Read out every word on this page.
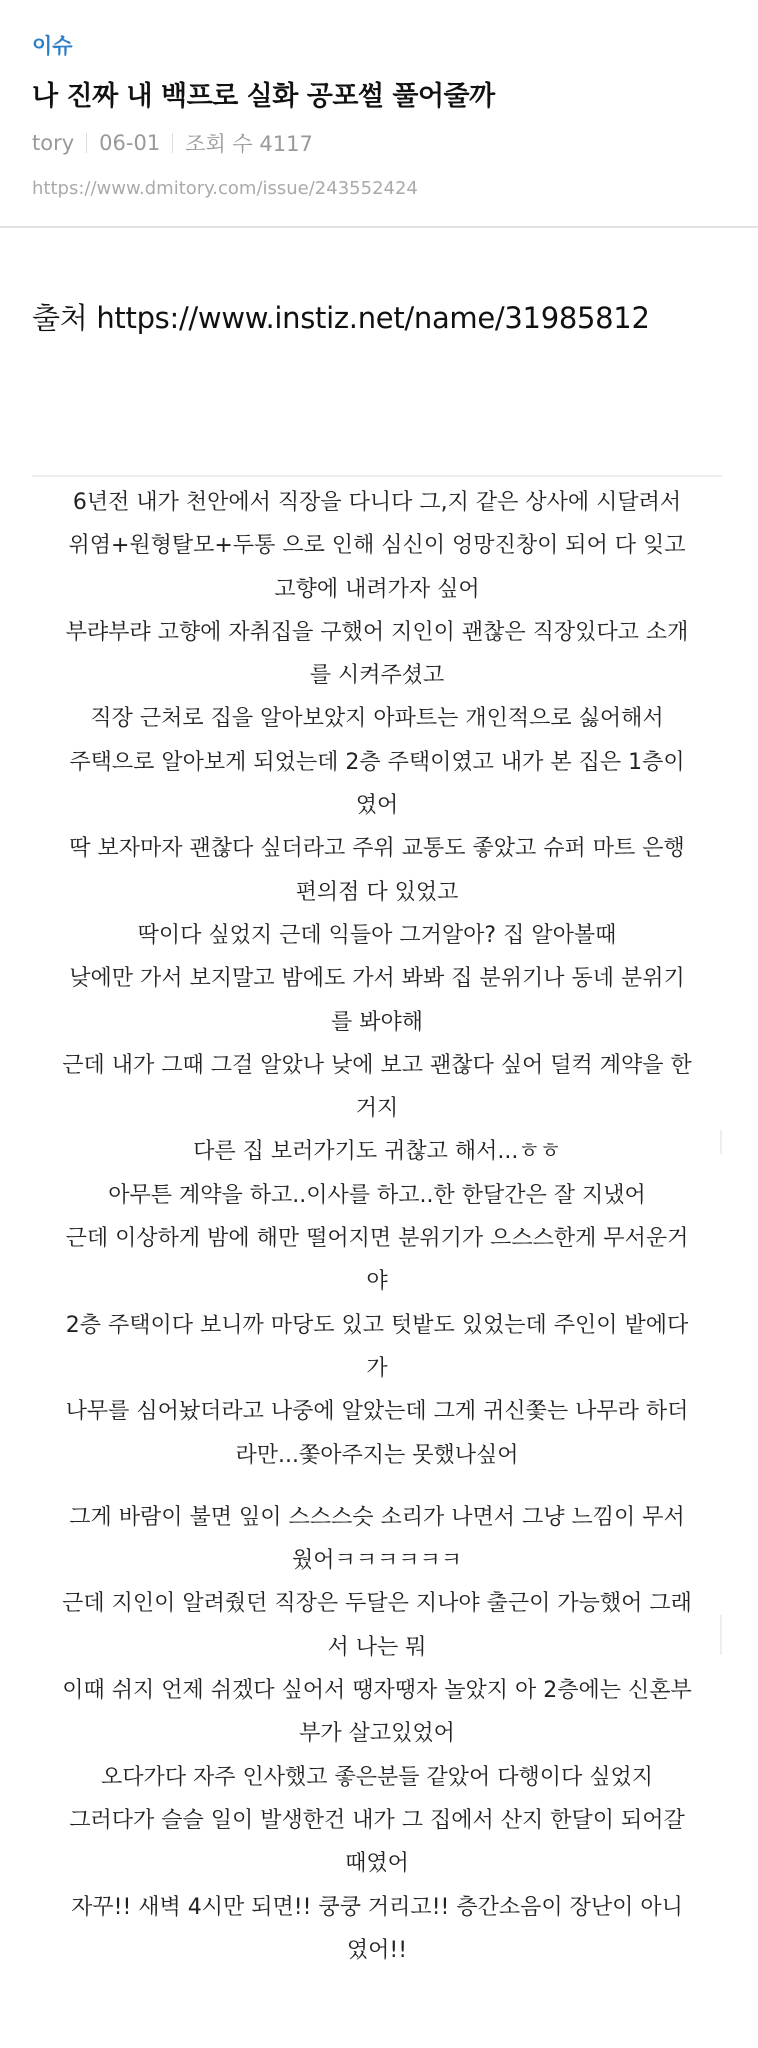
이슈
나 진짜 내 백프로 실화 공포썰 풀어줄까
tory 06-01 조회 수 4117
https://www.dmitory.com/issue/243552424
출처 https://www.instiz.net/name/31985812
6년전 내가 천안에서 직장을 다니다 그,지 같은 상사에 시달려서
위염+원형탈모+두통 으로 인해 심신이 엉망진창이 되어 다 잊고
고향에 내려가자 싶어
부랴부랴 고향에 자취집을 구했어 지인이 괜찮은 직장있다고 소개
를 시켜주셨고
직장 근처로 집을 알아보았지 아파트는 개인적으로 싫어해서
주택으로 알아보게 되었는데 2층 주택이였고 내가 본 집은 1층이
였어
딱 보자마자 괜찮다 싶더라고 주위 교통도 좋았고 슈퍼 마트 은행
편의점 다 있었고
딱이다 싶었지 근데 익들아 그거알아? 집 알아볼때
낮에만 가서 보지말고 밤에도 가서 봐봐 집 분위기나 동네 분위기
를 봐야해
근데 내가 그때 그걸 알았나 낮에 보고 괜찮다 싶어 덜컥 계약을 한
거지
다른 집 보러가기도 귀찮고 해서...ㅎㅎ
아무튼 계약을 하고..이사를 하고..한 한달간은 잘 지냈어
근데 이상하게 밤에 해만 떨어지면 분위기가 으스스한게 무서운거
야
2층 주택이다 보니까 마당도 있고 텃밭도 있었는데 주인이 밭에다
가
나무를 심어놨더라고 나중에 알았는데 그게 귀신쫓는 나무라 하더
라만...쫓아주지는 못했나싶어
그게 바람이 불면 잎이 스스스슷 소리가 나면서 그냥 느낌이 무서
웠어ㅋㅋㅋㅋㅋㅋ
근데 지인이 알려줬던 직장은 두달은 지나야 출근이 가능했어 그래
서 나는 뭐
이때 쉬지 언제 쉬겠다 싶어서 땡자땡자 놀았지 아 2층에는 신혼부
부가 살고있었어
오다가다 자주 인사했고 좋은분들 같았어 다행이다 싶었지
그러다가 슬슬 일이 발생한건 내가 그 집에서 산지 한달이 되어갈
때였어
자꾸!! 새벽 4시만 되면!! 쿵쿵 거리고!! 층간소음이 장난이 아니
였어!!
